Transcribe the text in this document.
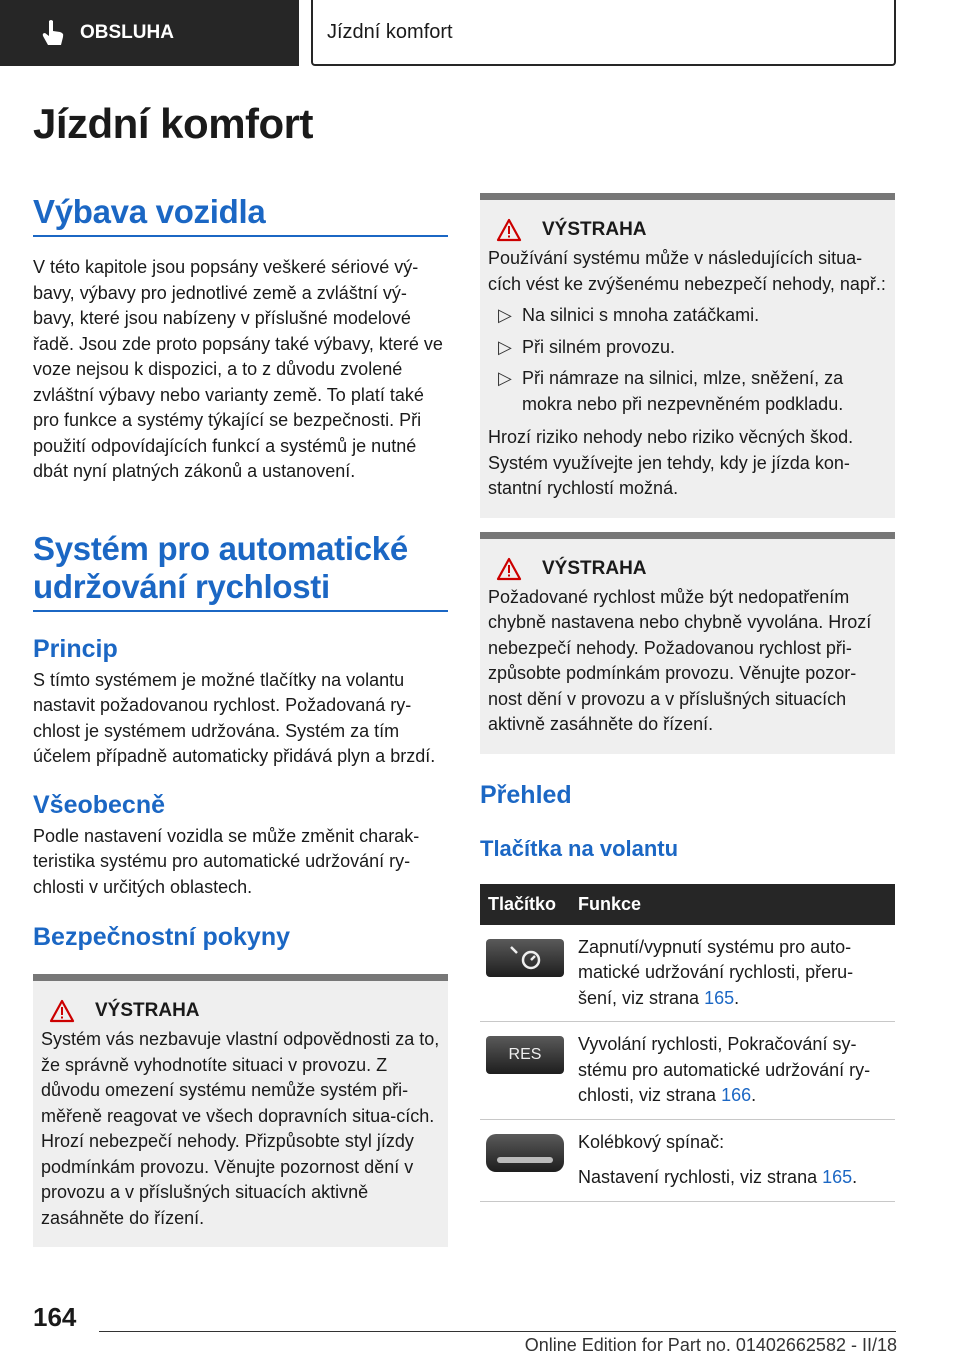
OBSLUHA	Jízdní komfort
Jízdní komfort
Výbava vozidla

V této kapitole jsou popsány veškeré sériové vý-bavy, výbavy pro jednotlivé země a zvláštní vý-bavy, které jsou nabízeny v příslušné modelové řadě. Jsou zde proto popsány také výbavy, které ve voze nejsou k dispozici, a to z důvodu zvolené zvláštní výbavy nebo varianty země. To platí také pro funkce a systémy týkající se bezpečnosti. Při použití odpovídajících funkcí a systémů je nutné dbát nyní platných zákonů a ustanovení.

Systém pro automatické
udržování rychlosti
Princip

S tímto systémem je možné tlačítky na volantu nastavit požadovanou rychlost. Požadovaná ry-chlost je systémem udržována. Systém za tím účelem případně automaticky přidává plyn a brzdí.

Všeobecně

Podle nastavení vozidla se může změnit charak-teristika systému pro automatické udržování ry-chlosti v určitých oblastech.

Bezpečnostní pokyny
VÝSTRAHA

Systém vás nezbavuje vlastní odpovědnosti za to, že správně vyhodnotíte situaci v provozu. Z důvodu omezení systému nemůže systém při-měřeně reagovat ve všech dopravních situa-cích. Hrozí nebezpečí nehody. Přizpůsobte styl jízdy podmínkám provozu. Věnujte pozornost dění v provozu a v příslušných situacích aktivně zasáhněte do řízení.

VÝSTRAHA

Používání systému může v následujících situa-cích vést ke zvýšenému nebezpečí nehody, např.:

▷ Na silnici s mnoha zatáčkami.
▷ Při silném provozu.
▷ Při námraze na silnici, mlze, sněžení, za mokra nebo při nezpevněném podkladu.

Hrozí riziko nehody nebo riziko věcných škod. Systém využívejte jen tehdy, kdy je jízda kon-stantní rychlostí možná.

VÝSTRAHA

Požadované rychlost může být nedopatřením chybně nastavena nebo chybně vyvolána. Hrozí nebezpečí nehody. Požadovanou rychlost při-způsobte podmínkám provozu. Věnujte pozor-nost dění v provozu a v příslušných situacích aktivně zasáhněte do řízení.

Přehled
Tlačítka na volantu
Tlačítko	Funkce

	Zapnutí/vypnutí systému pro auto-matické udržování rychlosti, přeru-šení, viz strana 165.

RES	Vyvolání rychlosti, Pokračování sy-stému pro automatické udržování ry-chlosti, viz strana 166.

	Kolébkový spínač:
Nastavení rychlosti, viz strana 165.
164
Online Edition for Part no. 01402662582 - II/18
